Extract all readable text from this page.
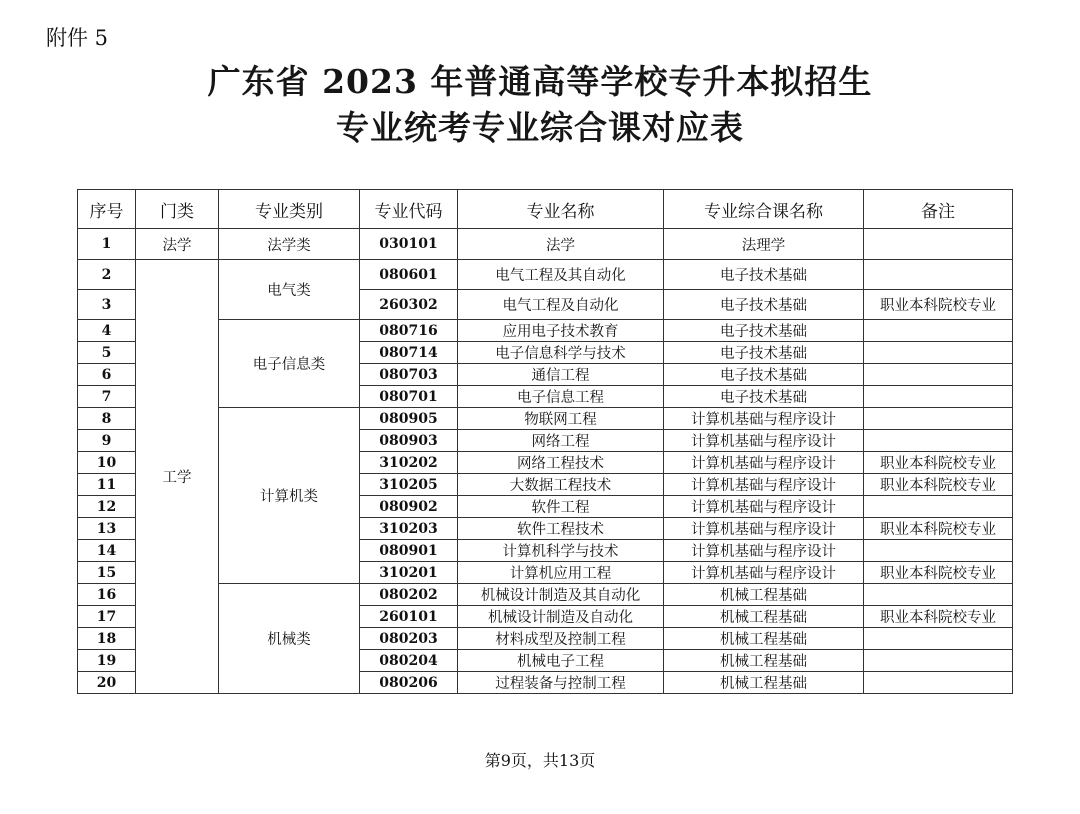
附件 5
广东省 2023 年普通高等学校专升本拟招生
专业统考专业综合课对应表
序号	门类	专业类别	专业代码	专业名称	专业综合课名称	备注
1	法学	法学类	030101	法学	法理学	
2	工学	电气类	080601	电气工程及其自动化	电子技术基础	
3			260302	电气工程及自动化	电子技术基础	职业本科院校专业
4		电子信息类	080716	应用电子技术教育	电子技术基础	
5			080714	电子信息科学与技术	电子技术基础	
6			080703	通信工程	电子技术基础	
7			080701	电子信息工程	电子技术基础	
8		计算机类	080905	物联网工程	计算机基础与程序设计	
9			080903	网络工程	计算机基础与程序设计	
10			310202	网络工程技术	计算机基础与程序设计	职业本科院校专业
11			310205	大数据工程技术	计算机基础与程序设计	职业本科院校专业
12			080902	软件工程	计算机基础与程序设计	
13			310203	软件工程技术	计算机基础与程序设计	职业本科院校专业
14			080901	计算机科学与技术	计算机基础与程序设计	
15			310201	计算机应用工程	计算机基础与程序设计	职业本科院校专业
16		机械类	080202	机械设计制造及其自动化	机械工程基础	
17			260101	机械设计制造及自动化	机械工程基础	职业本科院校专业
18			080203	材料成型及控制工程	机械工程基础	
19			080204	机械电子工程	机械工程基础	
20			080206	过程装备与控制工程	机械工程基础	
第9页，共13页
